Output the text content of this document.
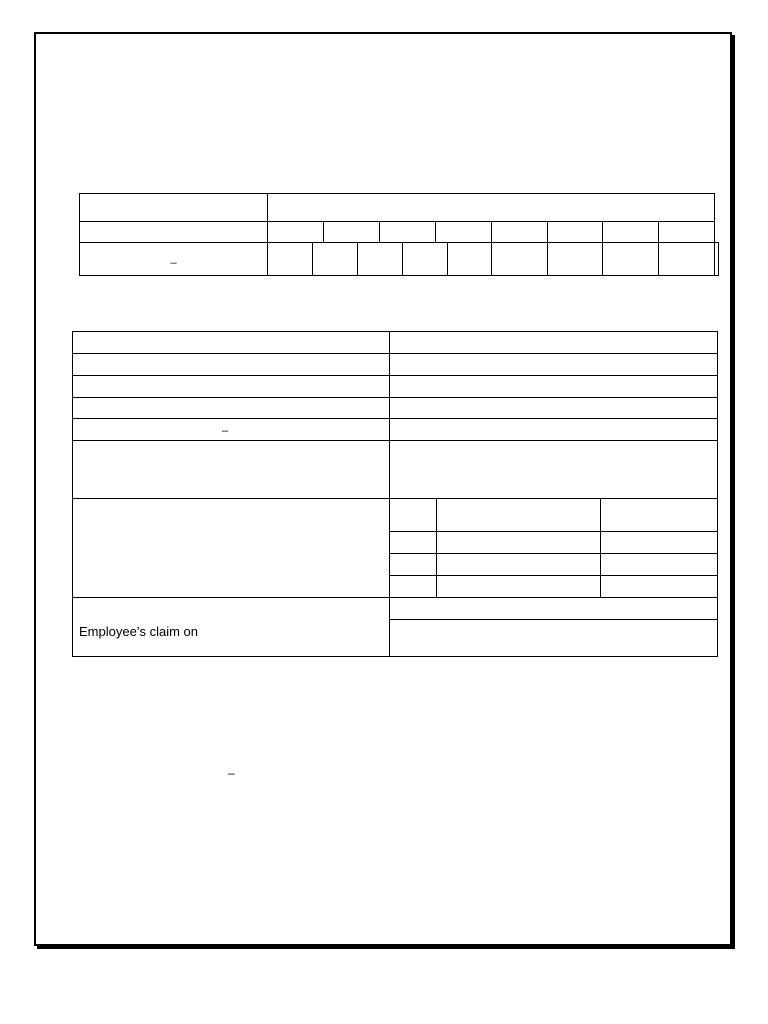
–													

–			

Employee’s claim on			

–
